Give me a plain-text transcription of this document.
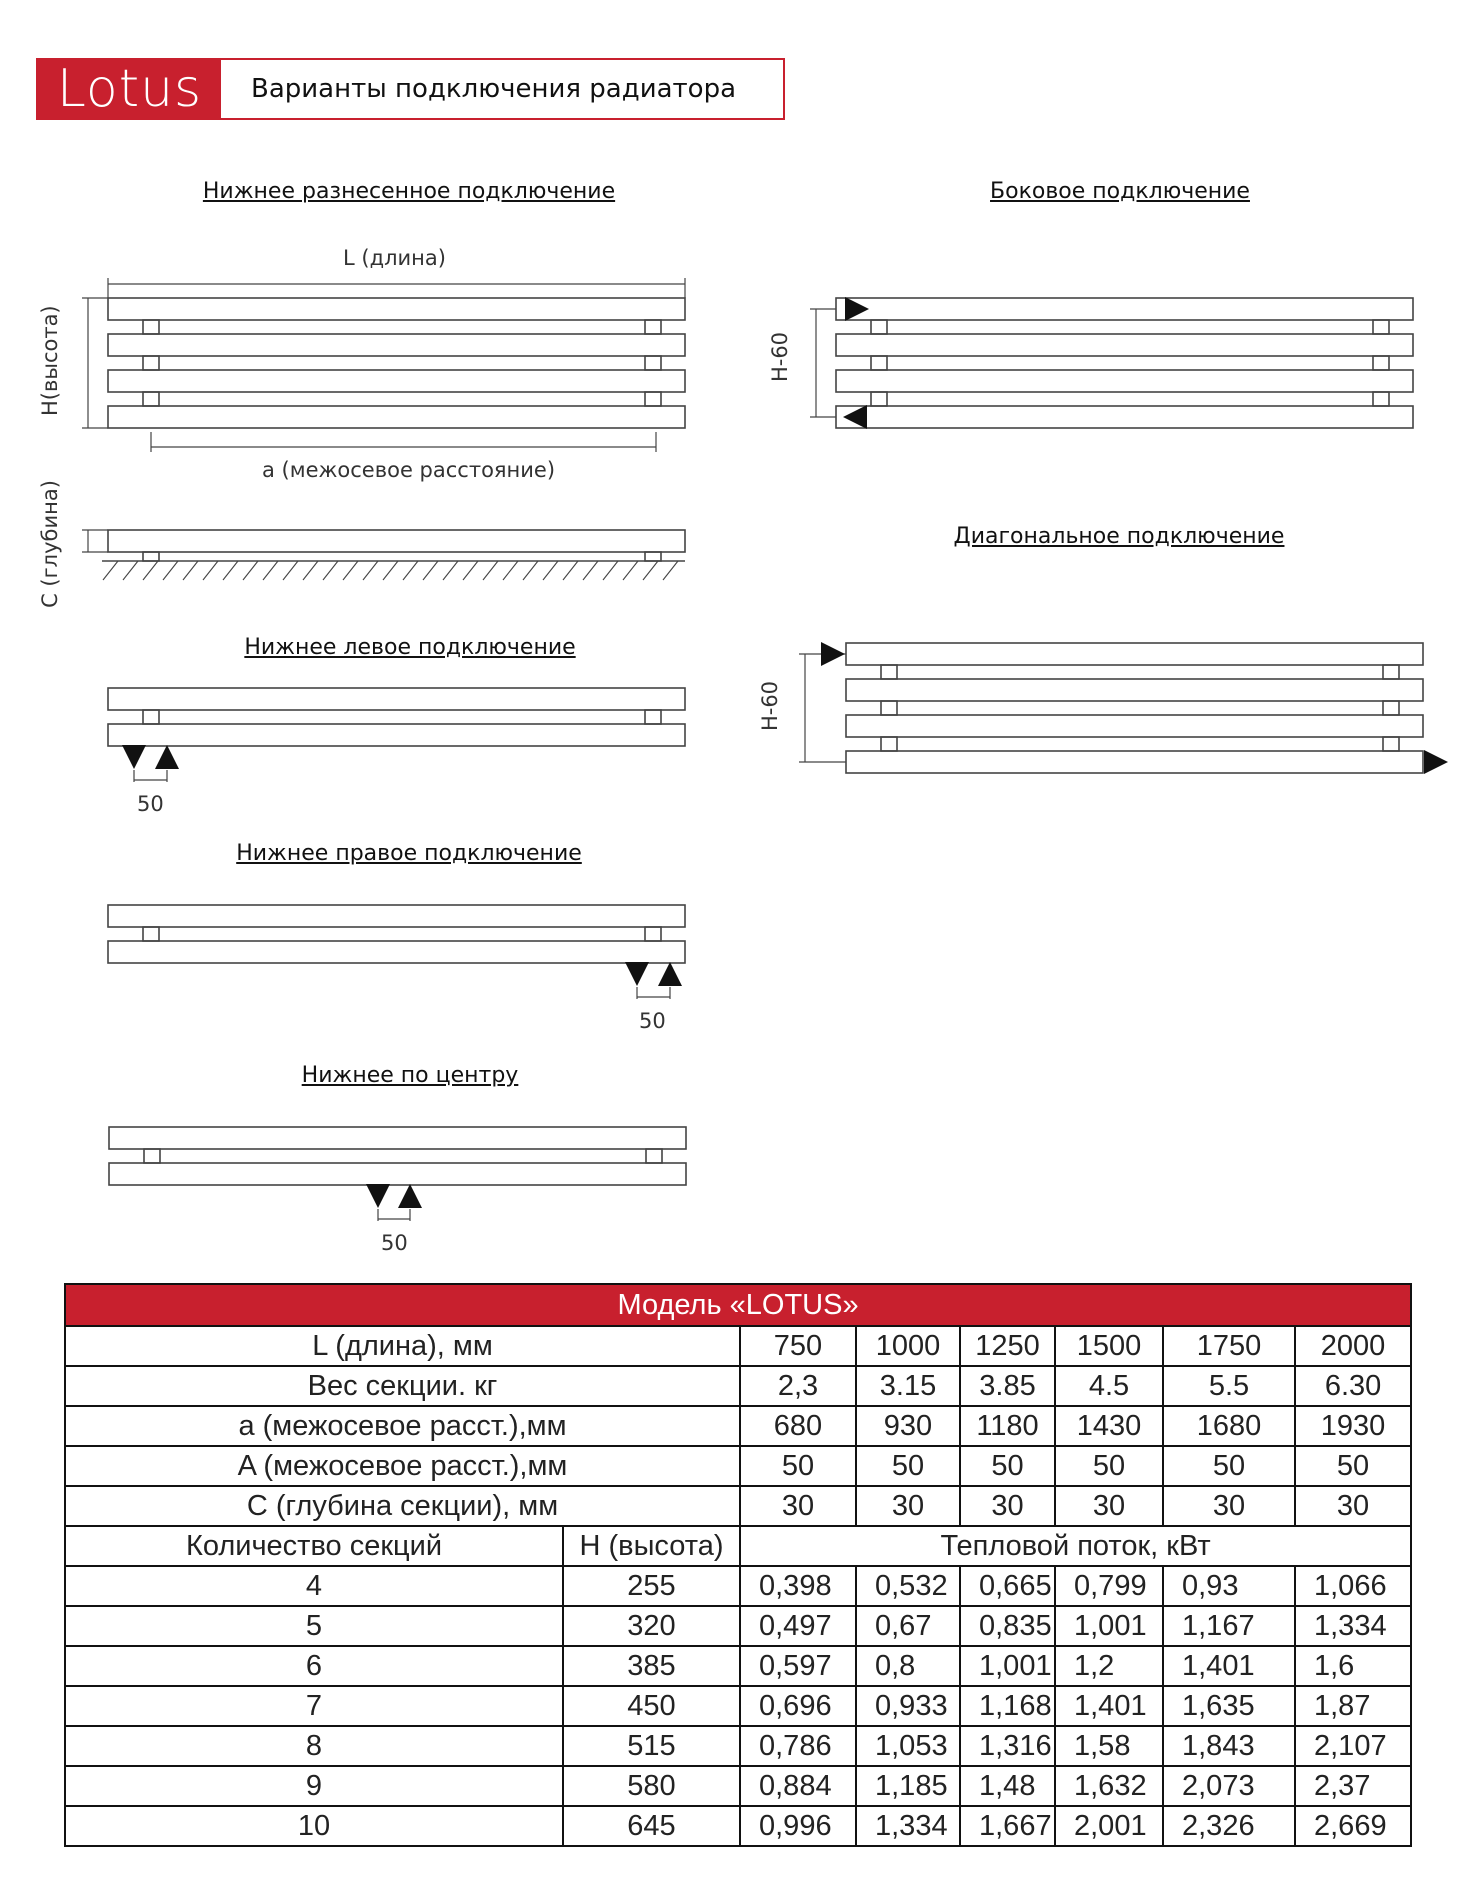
Lotus	Варианты подключения радиатора
Нижнее разнесенное подключение	Боковое подключение
Диагональное подключение
Нижнее левое подключение
Нижнее правое подключение
Нижнее по центру
L (длина)
a (межосевое расстояние)
H(высота)
C (глубина)
H-60
H-60
50
50
50
Модель «LOTUS»							
L (длина), мм		750	1000	1250	1500	1750	2000
Вес секции. кг		2,3	3.15	3.85	4.5	5.5	6.30
a (межосевое расст.),мм		680	930	1180	1430	1680	1930
A (межосевое расст.),мм		50	50	50	50	50	50
C (глубина секции), мм		30	30	30	30	30	30
Количество секций	H (высота)	Тепловой поток, кВт					
4	255	0,398	0,532	0,665	0,799	0,93	1,066
5	320	0,497	0,67	0,835	1,001	1,167	1,334
6	385	0,597	0,8	1,001	1,2	1,401	1,6
7	450	0,696	0,933	1,168	1,401	1,635	1,87
8	515	0,786	1,053	1,316	1,58	1,843	2,107
9	580	0,884	1,185	1,48	1,632	2,073	2,37
10	645	0,996	1,334	1,667	2,001	2,326	2,669
